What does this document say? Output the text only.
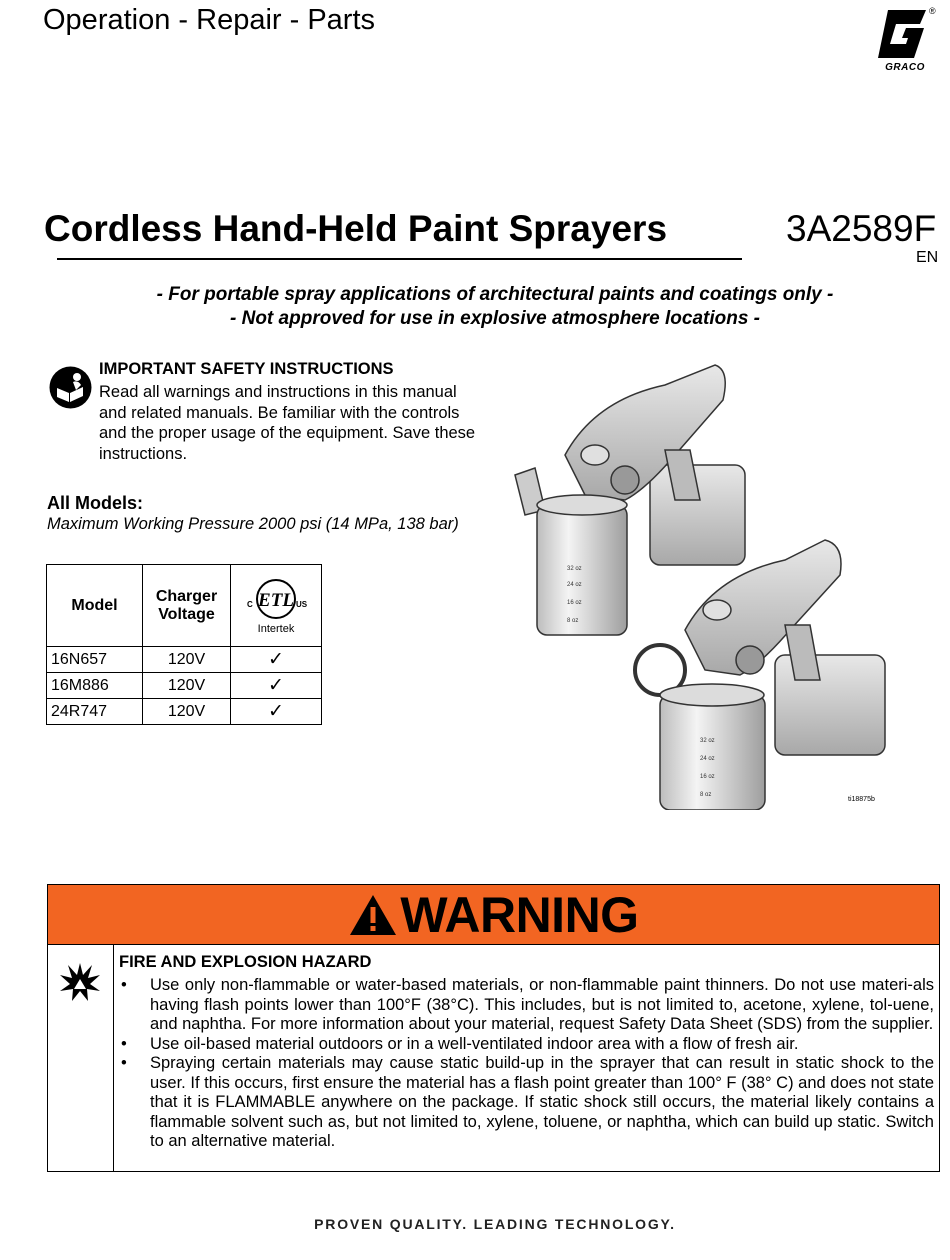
Operation - Repair - Parts	®
GRACO
Cordless Hand-Held Paint Sprayers	3A2589F
EN
- For portable spray applications of architectural paints and coatings only -
- Not approved for use in explosive atmosphere locations -
IMPORTANT SAFETY INSTRUCTIONS
Read all warnings and instructions in this manual and related manuals. Be familiar with the controls and the proper usage of the equipment. Save these instructions.
All Models:
Maximum Working Pressure 2000 psi (14 MPa, 138 bar)
Model	Charger Voltage	ETL
C US
Intertek

16N657	120V	✓
16M886	120V	✓
24R747	120V	✓
32 oz
24 oz
16 oz
8 oz
32 oz
24 oz
16 oz
8 oz
ti18875b
WARNING
FIRE AND EXPLOSION HAZARD
• Use only non-flammable or water-based materials, or non-flammable paint thinners. Do not use materi-als having flash points lower than 100°F (38°C). This includes, but is not limited to, acetone, xylene, tol-uene, and naphtha. For more information about your material, request Safety Data Sheet (SDS) from the supplier.
• Use oil-based material outdoors or in a well-ventilated indoor area with a flow of fresh air.
• Spraying certain materials may cause static build-up in the sprayer that can result in static shock to the user. If this occurs, first ensure the material has a flash point greater than 100° F (38° C) and does not state that it is FLAMMABLE anywhere on the package. If static shock still occurs, the material likely contains a flammable solvent such as, but not limited to, xylene, toluene, or naphtha, which can build up static. Switch to an alternative material.
PROVEN QUALITY. LEADING TECHNOLOGY.
